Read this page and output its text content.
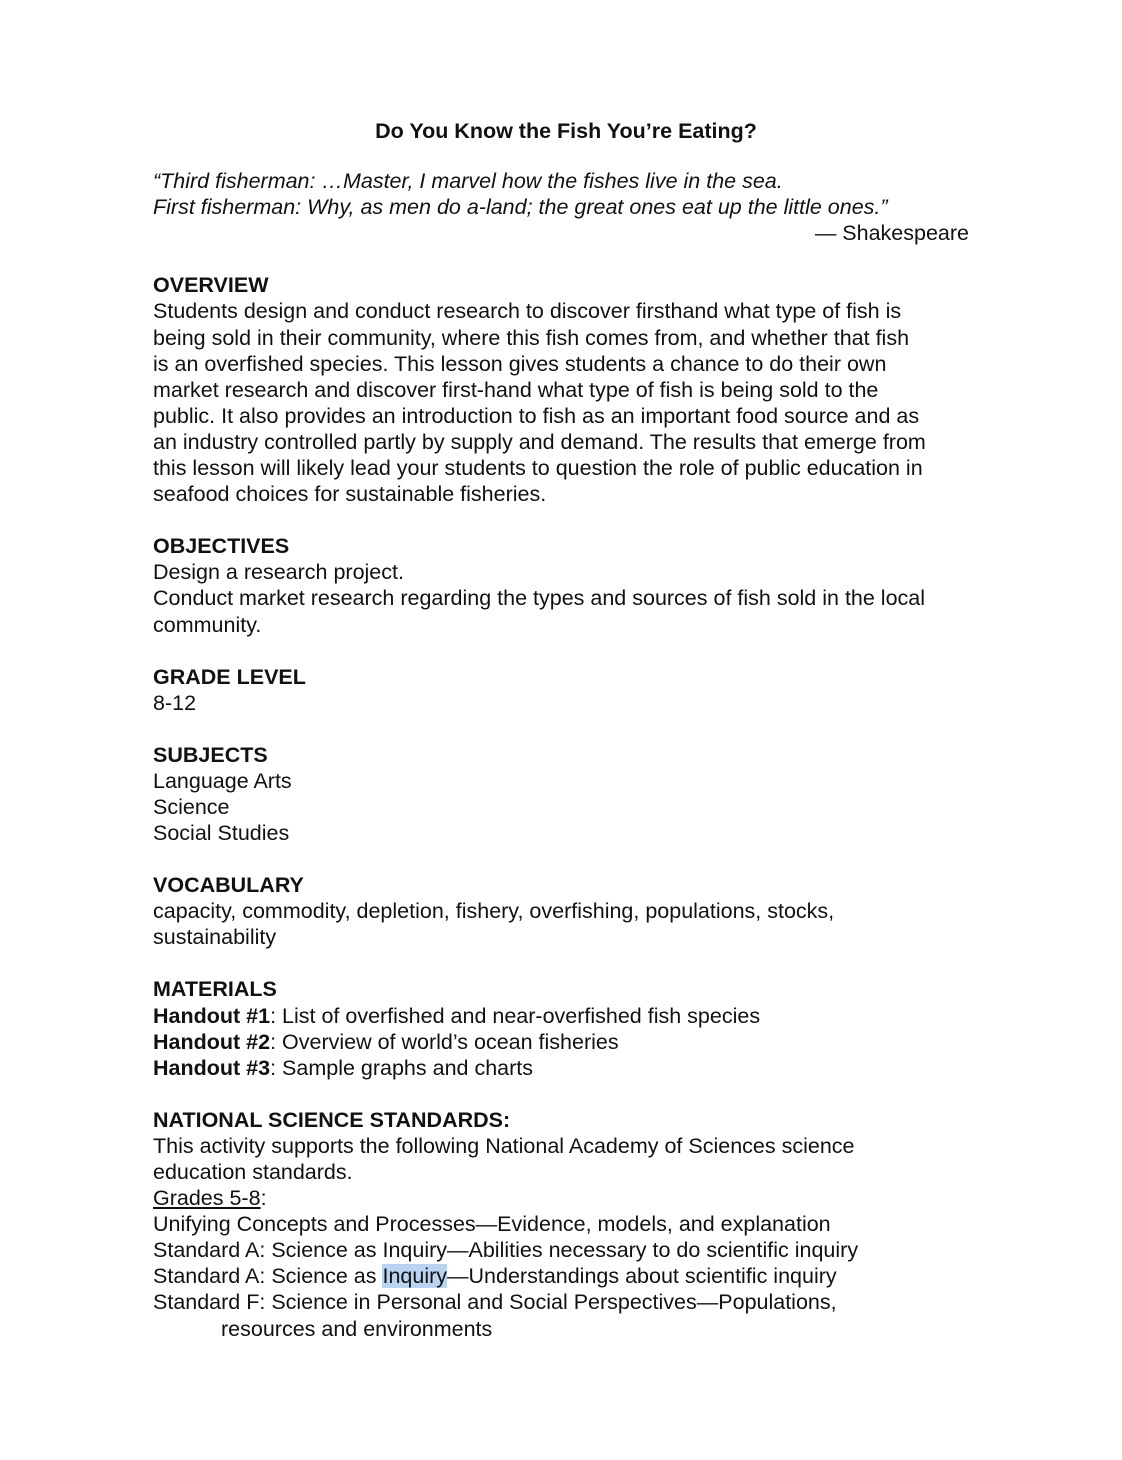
Do You Know the Fish You’re Eating?
“Third fisherman: …Master, I marvel how the fishes live in the sea.
First fisherman: Why, as men do a-land; the great ones eat up the little ones.”
— Shakespeare
OVERVIEW
Students design and conduct research to discover firsthand what type of fish is
being sold in their community, where this fish comes from, and whether that fish
is an overfished species. This lesson gives students a chance to do their own
market research and discover first-hand what type of fish is being sold to the
public. It also provides an introduction to fish as an important food source and as
an industry controlled partly by supply and demand. The results that emerge from
this lesson will likely lead your students to question the role of public education in
seafood choices for sustainable fisheries.
OBJECTIVES
Design a research project.
Conduct market research regarding the types and sources of fish sold in the local
community.
GRADE LEVEL
8-12
SUBJECTS
Language Arts
Science
Social Studies
VOCABULARY
capacity, commodity, depletion, fishery, overfishing, populations, stocks,
sustainability
MATERIALS
Handout #1: List of overfished and near-overfished fish species
Handout #2: Overview of world’s ocean fisheries
Handout #3: Sample graphs and charts
NATIONAL SCIENCE STANDARDS:
This activity supports the following National Academy of Sciences science
education standards.
Grades 5-8:
Unifying Concepts and Processes—Evidence, models, and explanation
Standard A: Science as Inquiry—Abilities necessary to do scientific inquiry
Standard A: Science as Inquiry—Understandings about scientific inquiry
Standard F: Science in Personal and Social Perspectives—Populations,
resources and environments
